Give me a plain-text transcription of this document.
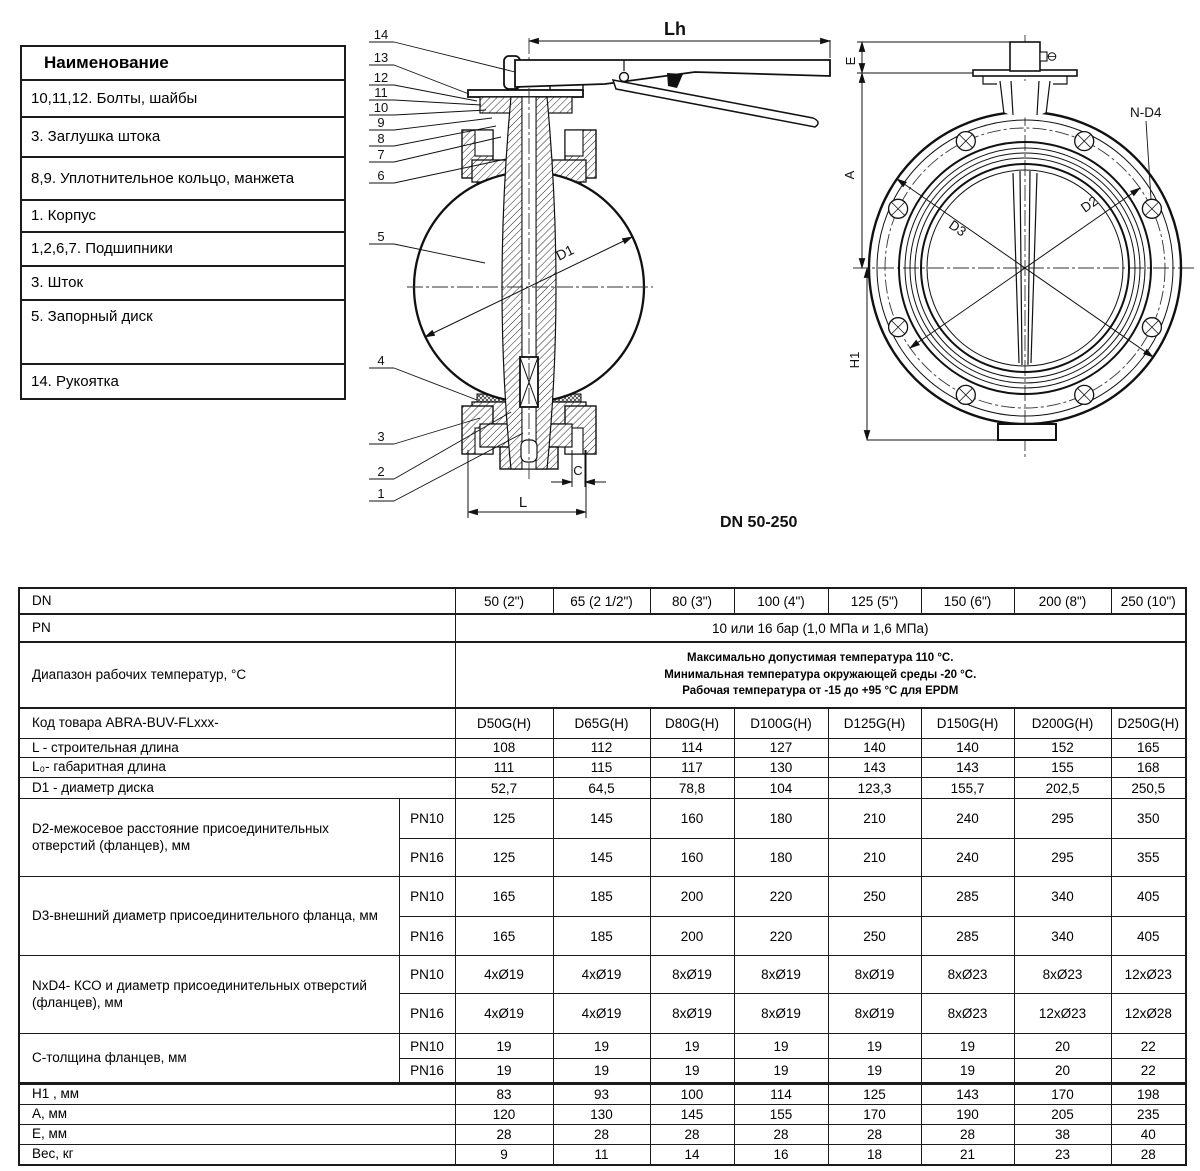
Наименование
10,11,12. Болты, шайбы
3. Заглушка штока
8,9. Уплотнительное кольцо, манжета
1. Корпус
1,2,6,7. Подшипники
3. Шток
5. Запорный диск
14. Рукоятка
Lh
D1
L
C
14
13
12
11
10
9
8
7
6
5
4
3
2
1
DN 50-250
D2
D3
E
A
H1
N-D4
DN		50 (2")	65 (2 1/2")	80 (3")	100 (4")	125 (5")	150 (6")	200 (8")	250 (10")
PN		10 или 16 бар (1,0 МПа и 1,6 МПа)							
Диапазон рабочих температур, °С		Максимально допустимая температура 110 °С.
Минимальная температура окружающей среды -20 °С.
Рабочая температура от -15 до +95 °С для EPDM							

Код товара ABRA-BUV-FLxxx-		D50G(H)	D65G(H)	D80G(H)	D100G(H)	D125G(H)	D150G(H)	D200G(H)	D250G(H)
L - строительная длина		108	112	114	127	140	140	152	165
L₀- габаритная длина		111	115	117	130	143	143	155	168
D1 - диаметр диска		52,7	64,5	78,8	104	123,3	155,7	202,5	250,5
D2-межосевое расстояние присоединительных отверстий (фланцев), мм	PN10	125	145	160	180	210	240	295	350
	PN16	125	145	160	180	210	240	295	355
D3-внешний диаметр присоединительного фланца, мм	PN10	165	185	200	220	250	285	340	405
	PN16	165	185	200	220	250	285	340	405
NxD4- КСО и диаметр присоединительных отверстий (фланцев), мм	PN10	4xØ19	4xØ19	8xØ19	8xØ19	8xØ19	8xØ23	8xØ23	12xØ23
	PN16	4xØ19	4xØ19	8xØ19	8xØ19	8xØ19	8xØ23	12xØ23	12xØ28
C-толщина фланцев, мм	PN10	19	19	19	19	19	19	20	22
	PN16	19	19	19	19	19	19	20	22
H1 , мм		83	93	100	114	125	143	170	198
A, мм		120	130	145	155	170	190	205	235
E, мм		28	28	28	28	28	28	38	40
Вес, кг		9	11	14	16	18	21	23	28
